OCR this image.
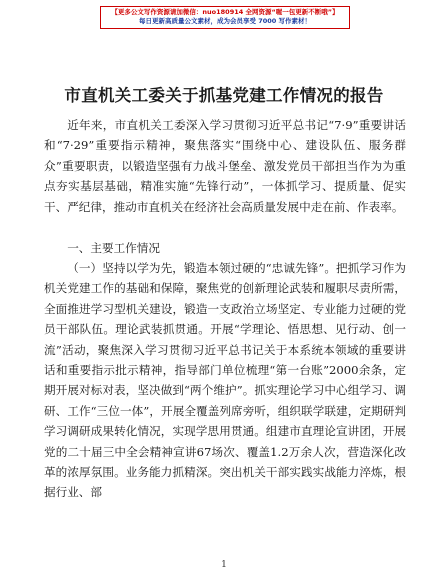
【更多公文写作资源请加微信：nuo180914 全网资源“喔一包更新不断哦”】
每日更新高质量公文素材，成为会员享受 7000 写作素材！
市直机关工委关于抓基党建工作情况的报告

近年来，市直机关工委深入学习贯彻习近平总书记“7·9”重要讲话和“7·29”重要指示精神，聚焦落实“围绕中心、建设队伍、服务群众”重要职责，以锻造坚强有力战斗堡垒、激发党员干部担当作为为重点夯实基层基础，精准实施“先锋行动”，一体抓学习、提质量、促实干、严纪律，推动市直机关在经济社会高质量发展中走在前、作表率。

一、主要工作情况

（一）坚持以学为先，锻造本领过硬的“忠诚先锋”。把抓学习作为机关党建工作的基础和保障，聚焦党的创新理论武装和履职尽责所需，全面推进学习型机关建设，锻造一支政治立场坚定、专业能力过硬的党员干部队伍。理论武装抓贯通。开展“学理论、悟思想、见行动、创一流”活动，聚焦深入学习贯彻习近平总书记关于本系统本领域的重要讲话和重要指示批示精神，指导部门单位梳理“第一台账”2000余条，定期开展对标对表，坚决做到“两个维护”。抓实理论学习中心组学习、调研、工作“三位一体”，开展全覆盖列席旁听，组织联学联建，定期研判学习调研成果转化情况，实现学思用贯通。组建市直理论宣讲团，开展党的二十届三中全会精神宣讲67场次、覆盖1.2万余人次，营造深化改革的浓厚氛围。业务能力抓精深。突出机关干部实践实战能力淬炼，根据行业、部

1
